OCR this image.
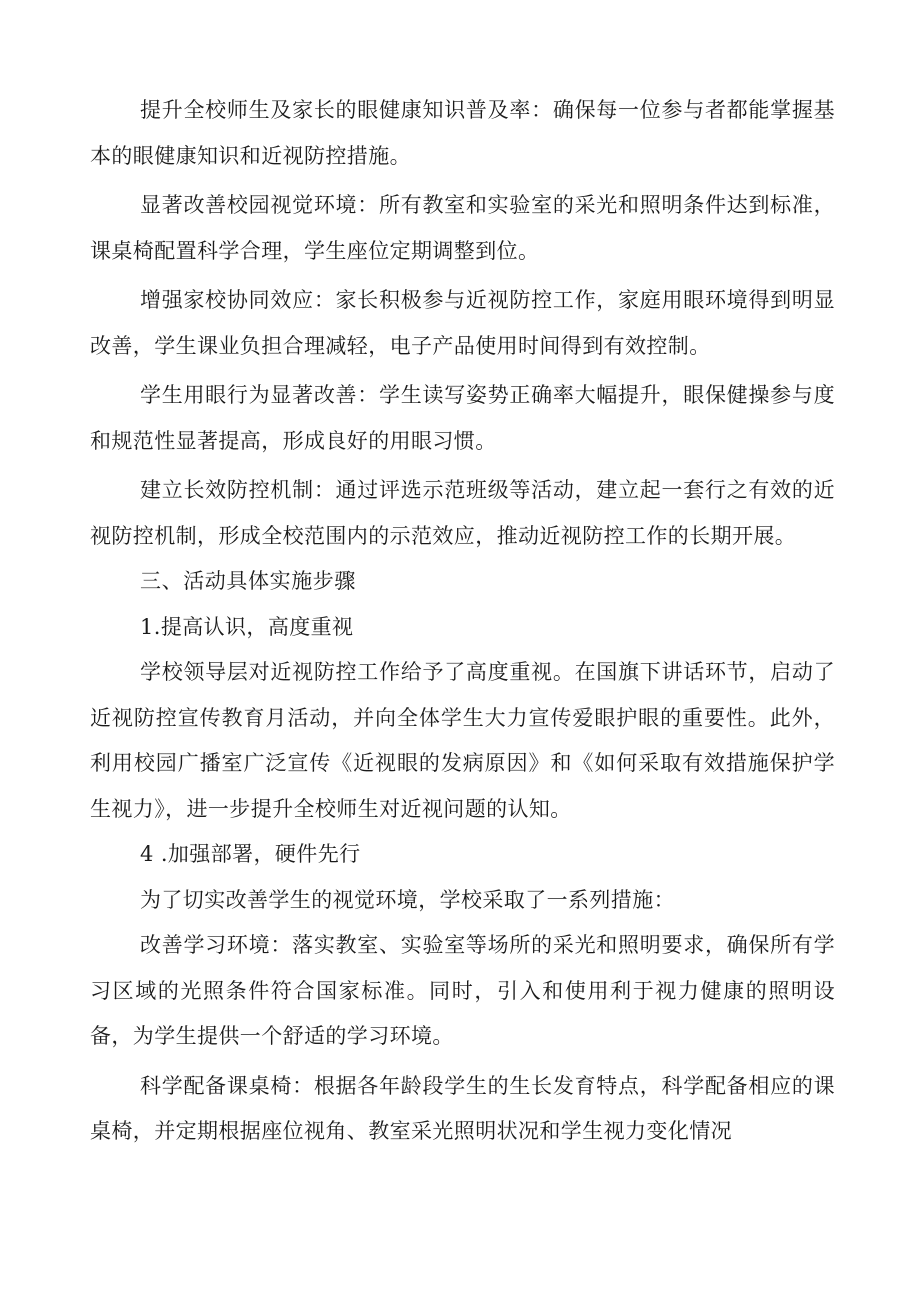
提升全校师生及家长的眼健康知识普及率：确保每一位参与者都能掌握基本的眼健康知识和近视防控措施。

显著改善校园视觉环境：所有教室和实验室的采光和照明条件达到标准，课桌椅配置科学合理，学生座位定期调整到位。

增强家校协同效应：家长积极参与近视防控工作，家庭用眼环境得到明显改善，学生课业负担合理减轻，电子产品使用时间得到有效控制。

学生用眼行为显著改善：学生读写姿势正确率大幅提升，眼保健操参与度和规范性显著提高，形成良好的用眼习惯。

建立长效防控机制：通过评选示范班级等活动，建立起一套行之有效的近视防控机制，形成全校范围内的示范效应，推动近视防控工作的长期开展。

三、活动具体实施步骤

1.提高认识，高度重视

学校领导层对近视防控工作给予了高度重视。在国旗下讲话环节，启动了近视防控宣传教育月活动，并向全体学生大力宣传爱眼护眼的重要性。此外，利用校园广播室广泛宣传《近视眼的发病原因》和《如何采取有效措施保护学生视力》，进一步提升全校师生对近视问题的认知。

4 .加强部署，硬件先行

为了切实改善学生的视觉环境，学校采取了一系列措施：

改善学习环境：落实教室、实验室等场所的采光和照明要求，确保所有学习区域的光照条件符合国家标准。同时，引入和使用利于视力健康的照明设备，为学生提供一个舒适的学习环境。

科学配备课桌椅：根据各年龄段学生的生长发育特点，科学配备相应的课桌椅，并定期根据座位视角、教室采光照明状况和学生视力变化情况
